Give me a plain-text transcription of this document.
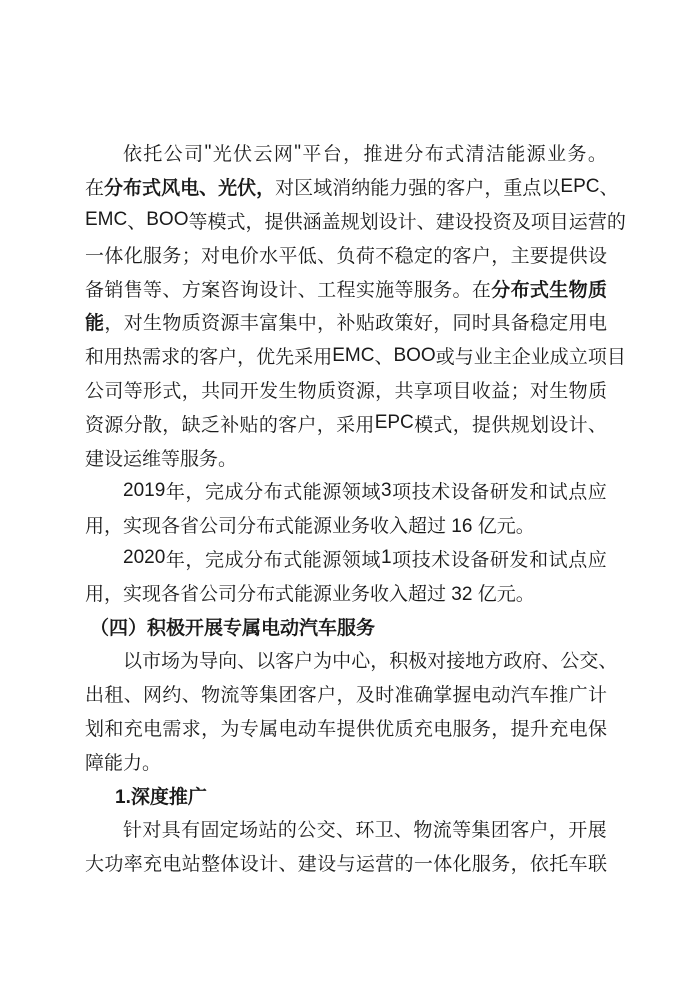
依 托 公 司 " 光 伏 云 网 " 平 台 ， 推 进 分 布 式 清 洁 能 源 业 务 。
在 分 布 式 风 电 、 光 伏 ， 对 区 域 消 纳 能 力 强 的 客 户 ， 重 点 以 EPC 、
EMC 、 BOO 等 模 式 ， 提 供 涵 盖 规 划 设 计 、 建 设 投 资 及 项 目 运 营 的
一 体 化 服 务 ； 对 电 价 水 平 低 、 负 荷 不 稳 定 的 客 户 ， 主 要 提 供 设
备 销 售 等 、 方 案 咨 询 设 计 、 工 程 实 施 等 服 务 。 在 分 布 式 生 物 质
能 ， 对 生 物 质 资 源 丰 富 集 中 ， 补 贴 政 策 好 ， 同 时 具 备 稳 定 用 电
和 用 热 需 求 的 客 户 ， 优 先 采 用 EMC 、 BOO 或 与 业 主 企 业 成 立 项 目
公 司 等 形 式 ， 共 同 开 发 生 物 质 资 源 ， 共 享 项 目 收 益 ； 对 生 物 质
资 源 分 散 ， 缺 乏 补 贴 的 客 户 ， 采 用 EPC 模 式 ， 提 供 规 划 设 计 、
建设运维等服务。
2019 年 ， 完 成 分 布 式 能 源 领 域 3 项 技 术 设 备 研 发 和 试 点 应
用，实现各省公司分布式能源业务收入超过 16 亿元。
2020 年 ， 完 成 分 布 式 能 源 领 域 1 项 技 术 设 备 研 发 和 试 点 应
用，实现各省公司分布式能源业务收入超过 32 亿元。
（四）积极开展专属电动汽车服务
以 市 场 为 导 向 、 以 客 户 为 中 心 ， 积 极 对 接 地 方 政 府 、 公 交 、
出 租 、 网 约 、 物 流 等 集 团 客 户 ， 及 时 准 确 掌 握 电 动 汽 车 推 广 计
划 和 充 电 需 求 ， 为 专 属 电 动 车 提 供 优 质 充 电 服 务 ， 提 升 充 电 保
障能力。
1.深度推广
针 对 具 有 固 定 场 站 的 公 交 、 环 卫 、 物 流 等 集 团 客 户 ， 开 展
大 功 率 充 电 站 整 体 设 计 、 建 设 与 运 营 的 一 体 化 服 务 ， 依 托 车 联
